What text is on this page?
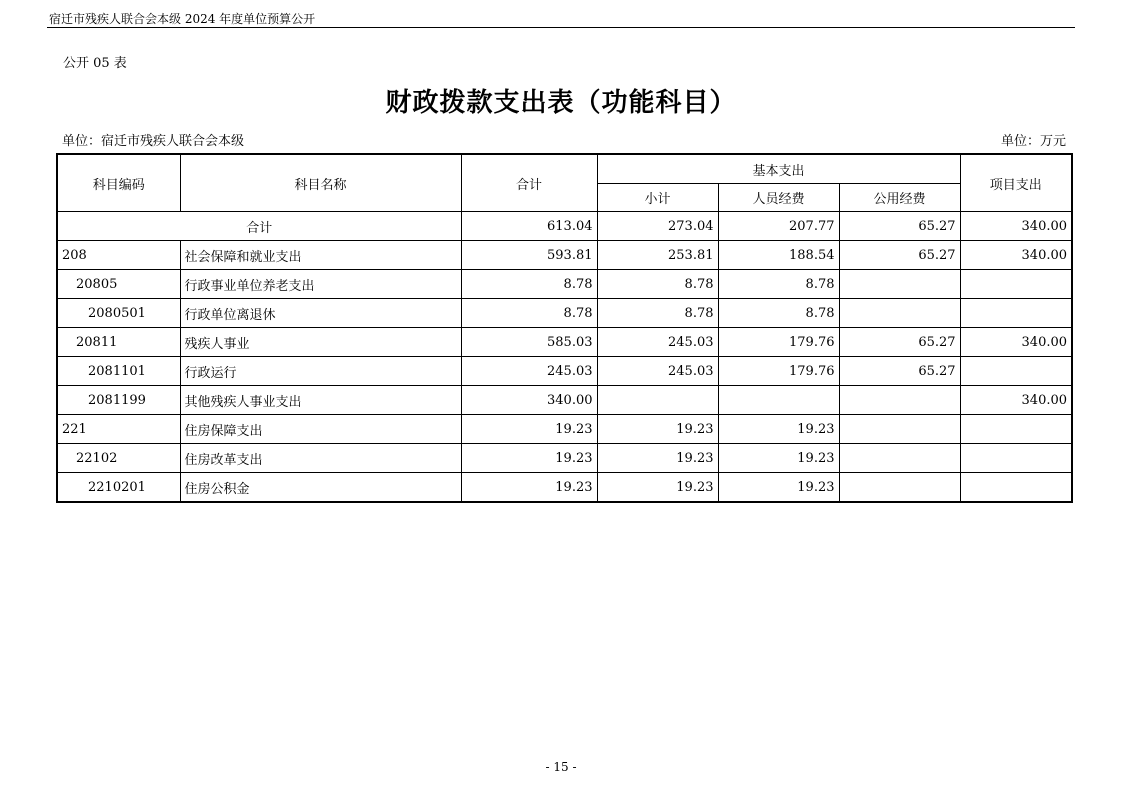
宿迁市残疾人联合会本级 2024 年度单位预算公开
公开 05 表
财政拨款支出表（功能科目）
单位：宿迁市残疾人联合会本级	单位：万元
科目编码	科目名称	合计	基本支出			项目支出
			小计	人员经费	公用经费	
合计		613.04	273.04	207.77	65.27	340.00
208	社会保障和就业支出	593.81	253.81	188.54	65.27	340.00
20805	行政事业单位养老支出	8.78	8.78	8.78		
2080501	行政单位离退休	8.78	8.78	8.78		
20811	残疾人事业	585.03	245.03	179.76	65.27	340.00
2081101	行政运行	245.03	245.03	179.76	65.27	
2081199	其他残疾人事业支出	340.00				340.00
221	住房保障支出	19.23	19.23	19.23		
22102	住房改革支出	19.23	19.23	19.23		
2210201	住房公积金	19.23	19.23	19.23		
- 15 -
